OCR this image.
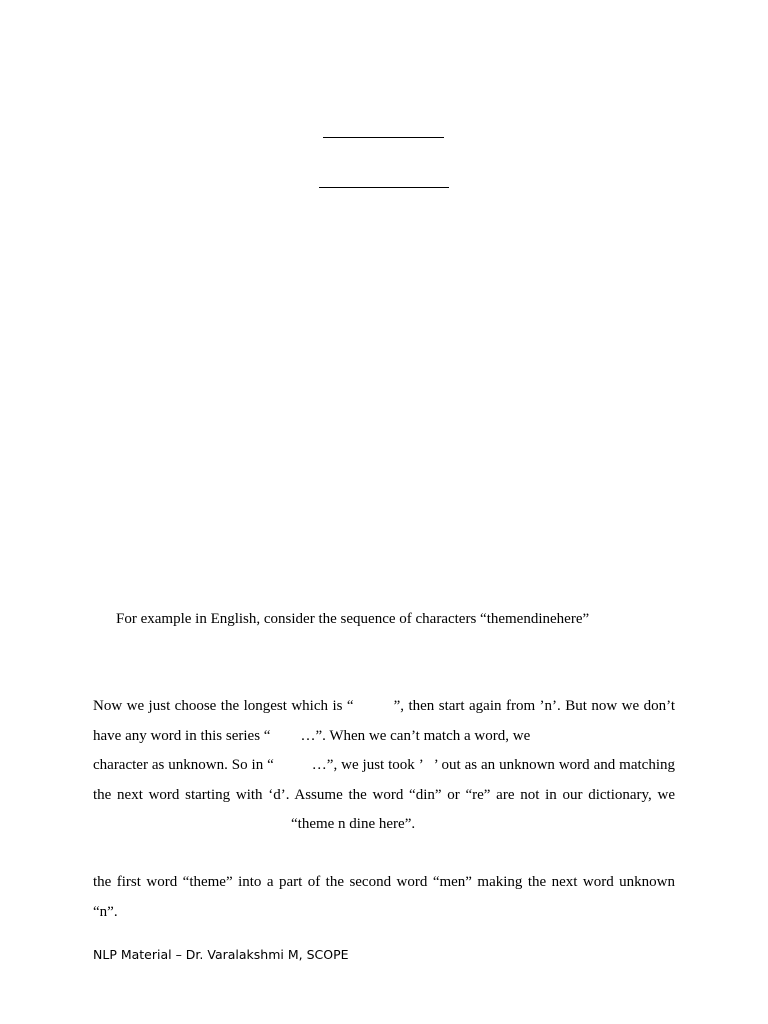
For example in English, consider the sequence of characters “themendinehere”
Now we just choose the longest which is “	”, then start again from ’n’. But now we don’t
have any word in this series “ …”. When we can’t match a word, we
character as unknown. So in “	…”, we just took ’ ’ out as an unknown word and matching
the next word starting with ‘d’. Assume the word “din” or “re” are not in our dictionary, we
“theme n dine here”.
the first word “theme” into a part of the second word “men” making the next word unknown
“n”.
NLP Material – Dr. Varalakshmi M, SCOPE
